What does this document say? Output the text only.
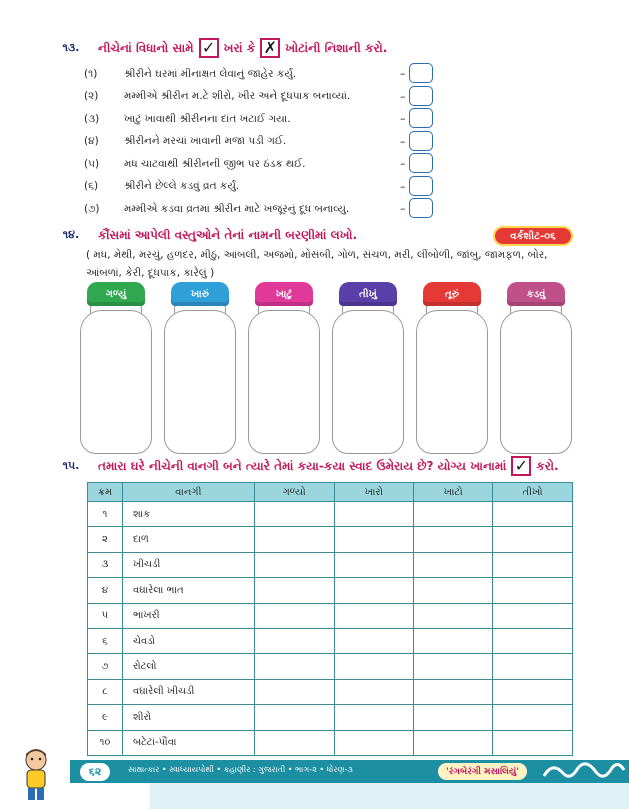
૧૩.	નીચેનાં વિધાનો સામે ✓ ખરાં કે ✗ ખોટાંની નિશાની કરો.
(૧)	શ્રીરીને ઘરમાં મીનાક્ષત લેવાનું જાહેર કર્યું.	–
(૨)	મમ્મીએ શ્રીરીન મ.ટે શીરો, ખીર અને દૂધપાક બનાવ્યાં.	–
(૩)	ખાટું ખાવાથી શ્રીરીનના દાંત ખટાઈ ગયા.	–
(૪)	શ્રીરીનને મરચાં ખાવાની મજા પડી ગઈ.	–
(૫)	મધ ચાટવાથી શ્રીરીનની જીભ પર ઠંડક થઈ.	–
(૬)	શ્રીરીને છેલ્લે કડવું વ્રત કર્યું.	–
(૭)	મમ્મીએ કડવા વ્રતમાં શ્રીરીન માટે ખજૂરનું દૂધ બનાવ્યું.	–
૧૪.	કૌંસમાં આપેલી વસ્તુઓને તેનાં નામની બરણીમાં લખો.	વર્કશીટ-૦૬
( મધ, મેથી, મરચું, હળદર, મીઠું, આંબલી, અજમો, મોસંબી, ગોળ, સંચળ, મરી, લીંબોળી, જાંબુ, જામફળ, બોર, આંબળાં, કેરી, દૂધપાક, કારેલું )
ગળ્યું	ખારું	ખાટું	તીખું	તૂરું	કડવું
૧૫.	તમારા ઘરે નીચેની વાનગી બને ત્યારે તેમાં કયા-કયા સ્વાદ ઉમેરાય છે? યોગ્ય ખાનામાં ✓ કરો.
ક્રમ	વાનગી	ગળ્યો	ખારો	ખાટો	તીખો
૧	શાક				
૨	દાળ				
૩	ખીચડી				
૪	વઘારેલા ભાત				
૫	ભાખરી				
૬	ચેવડો				
૭	રોટલો				
૮	વઘારેલી ખીચડી				
૯	શીરો				
૧૦	બટેટાં-પૌંવા				
૬૨	સાક્ષાત્કાર • સ્વાધ્યાયપોથી • કહાણીર : ગુજરાતી • ભાગ-૨ • ધોરણ-૩	'રંગબેરંગી મસાલિયું'
